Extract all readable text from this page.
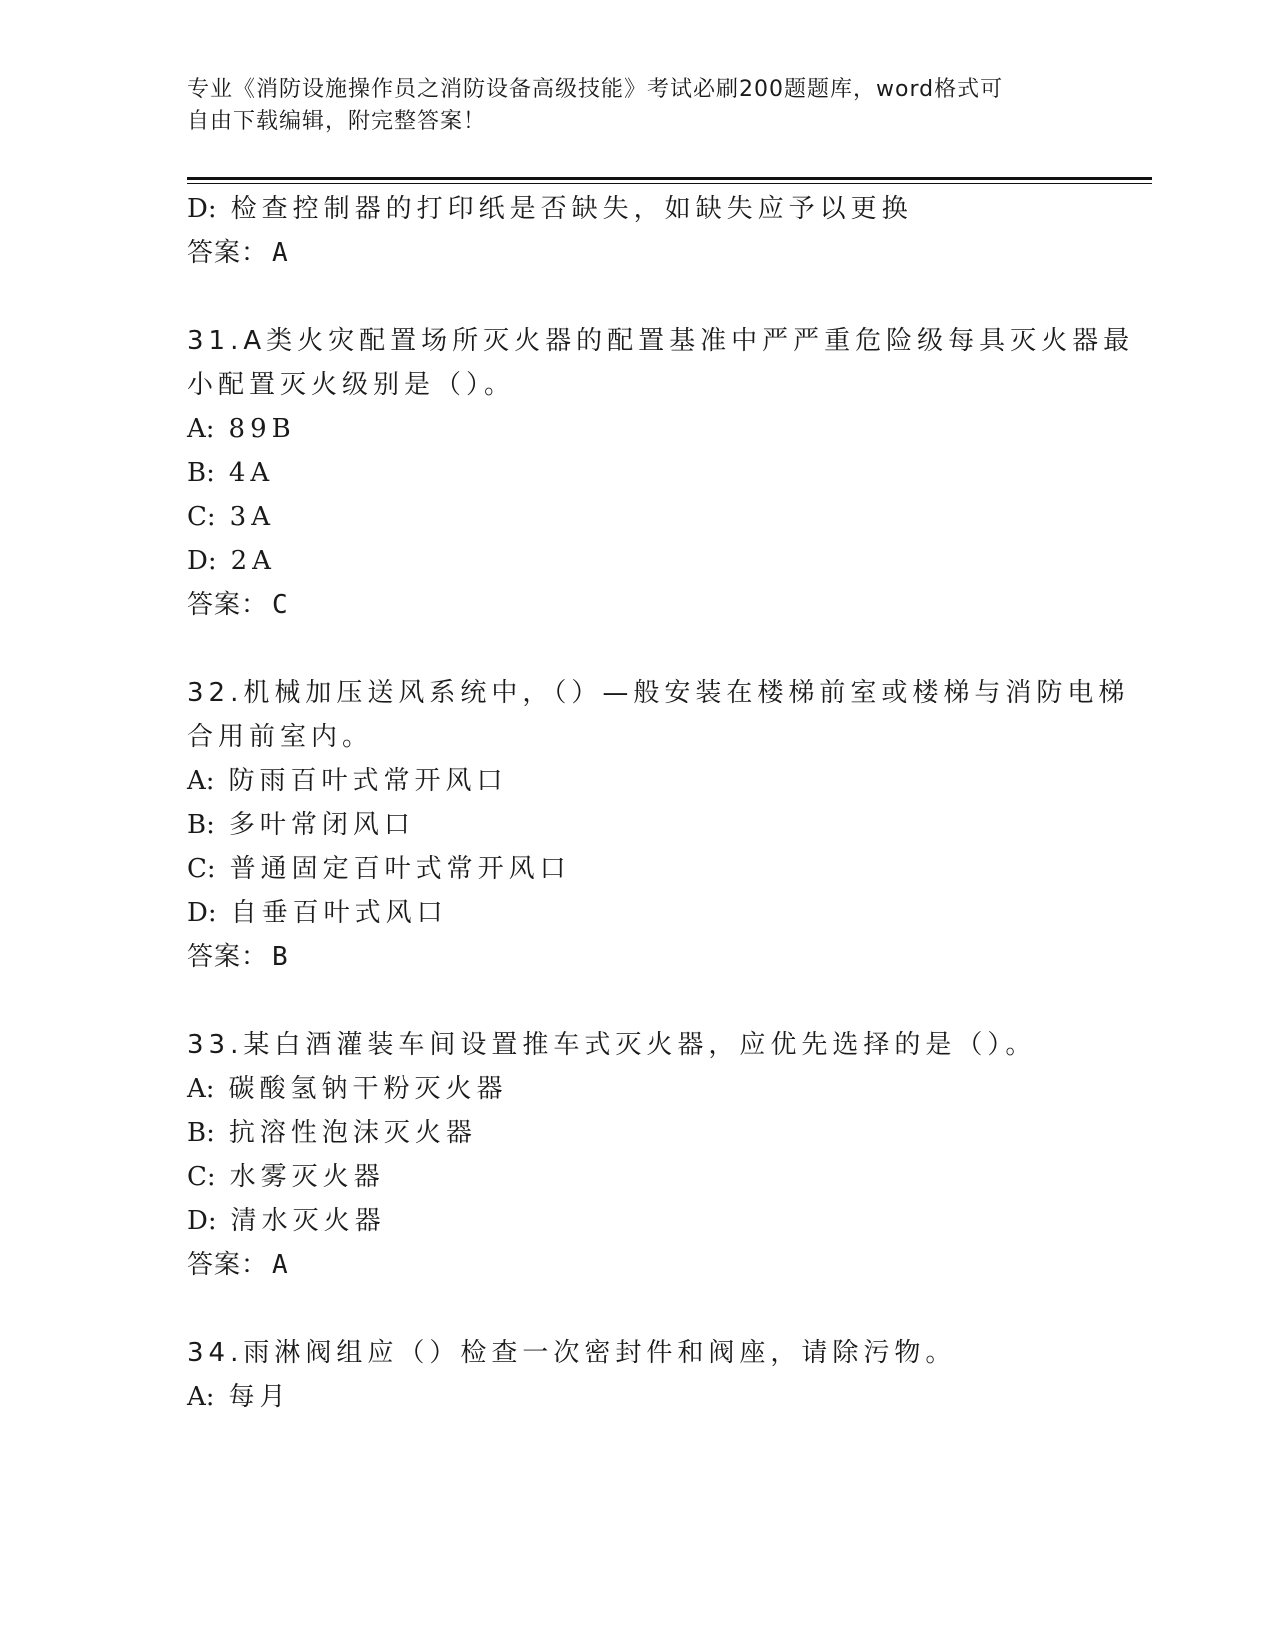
专业《消防设施操作员之消防设备高级技能》考试必刷200题题库，word格式可
自由下载编辑，附完整答案！
D: 检查控制器的打印纸是否缺失，如缺失应予以更换
答案： A
31.A类火灾配置场所灭火器的配置基准中严严重危险级每具灭火器最
小配置灭火级别是（）。
A: 89B
B: 4A
C: 3A
D: 2A
答案： C
32.机械加压送风系统中，（）—般安装在楼梯前室或楼梯与消防电梯
合用前室内。
A: 防雨百叶式常开风口
B: 多叶常闭风口
C: 普通固定百叶式常开风口
D: 自垂百叶式风口
答案： B
33.某白酒灌装车间设置推车式灭火器，应优先选择的是（）。
A: 碳酸氢钠干粉灭火器
B: 抗溶性泡沫灭火器
C: 水雾灭火器
D: 清水灭火器
答案： A
34.雨淋阀组应（）检查一次密封件和阀座，请除污物。
A: 每月
